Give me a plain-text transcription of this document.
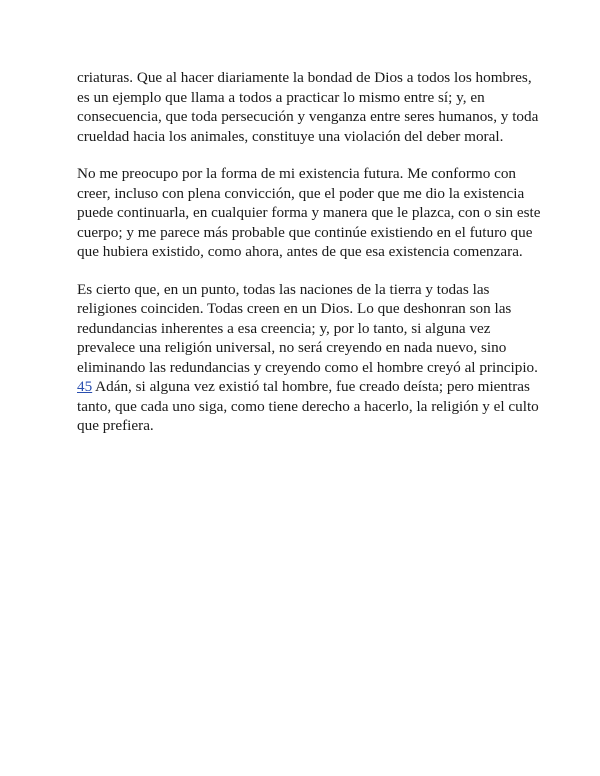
criaturas. Que al hacer diariamente la bondad de Dios a todos los hombres,
es un ejemplo que llama a todos a practicar lo mismo entre sí; y, en
consecuencia, que toda persecución y venganza entre seres humanos, y toda
crueldad hacia los animales, constituye una violación del deber moral.

No me preocupo por la forma de mi existencia futura. Me conformo con
creer, incluso con plena convicción, que el poder que me dio la existencia
puede continuarla, en cualquier forma y manera que le plazca, con o sin este
cuerpo; y me parece más probable que continúe existiendo en el futuro que
que hubiera existido, como ahora, antes de que esa existencia comenzara.

Es cierto que, en un punto, todas las naciones de la tierra y todas las
religiones coinciden. Todas creen en un Dios. Lo que deshonran son las
redundancias inherentes a esa creencia; y, por lo tanto, si alguna vez
prevalece una religión universal, no será creyendo en nada nuevo, sino
eliminando las redundancias y creyendo como el hombre creyó al principio.
45 Adán, si alguna vez existió tal hombre, fue creado deísta; pero mientras
tanto, que cada uno siga, como tiene derecho a hacerlo, la religión y el culto
que prefiera.
